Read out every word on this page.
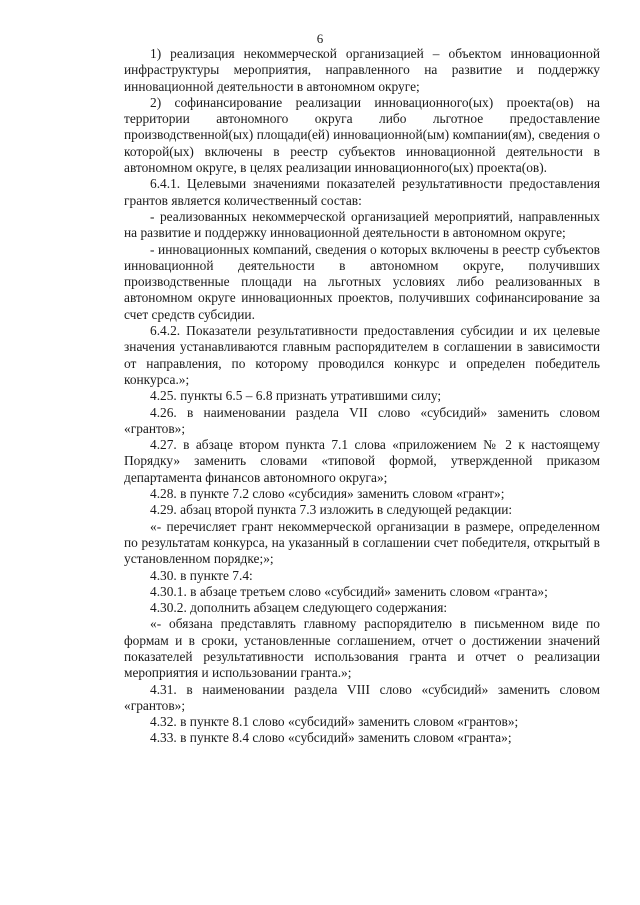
6

1) реализация некоммерческой организацией – объектом инновационной инфраструктуры мероприятия, направленного на развитие и поддержку инновационной деятельности в автономном округе;

2) софинансирование реализации инновационного(ых) проекта(ов) на территории автономного округа либо льготное предоставление производственной(ых) площади(ей) инновационной(ым) компании(ям), сведения о которой(ых) включены в реестр субъектов инновационной деятельности в автономном округе, в целях реализации инновационного(ых) проекта(ов).

6.4.1. Целевыми значениями показателей результативности предоставления грантов является количественный состав:

- реализованных некоммерческой организацией мероприятий, направленных на развитие и поддержку инновационной деятельности в автономном округе;

- инновационных компаний, сведения о которых включены в реестр субъектов инновационной деятельности в автономном округе, получивших производственные площади на льготных условиях либо реализованных в автономном округе инновационных проектов, получивших софинансирование за счет средств субсидии.

6.4.2. Показатели результативности предоставления субсидии и их целевые значения устанавливаются главным распорядителем в соглашении в зависимости от направления, по которому проводился конкурс и определен победитель конкурса.»;

4.25. пункты 6.5 – 6.8 признать утратившими силу;

4.26. в наименовании раздела VII слово «субсидий» заменить словом «грантов»;

4.27. в абзаце втором пункта 7.1 слова «приложением № 2 к настоящему Порядку» заменить словами «типовой формой, утвержденной приказом департамента финансов автономного округа»;

4.28. в пункте 7.2 слово «субсидия» заменить словом «грант»;

4.29. абзац второй пункта 7.3 изложить в следующей редакции:

«- перечисляет грант некоммерческой организации в размере, определенном по результатам конкурса, на указанный в соглашении счет победителя, открытый в установленном порядке;»;

4.30. в пункте 7.4:

4.30.1. в абзаце третьем слово «субсидий» заменить словом «гранта»;

4.30.2. дополнить абзацем следующего содержания:

«- обязана представлять главному распорядителю в письменном виде по формам и в сроки, установленные соглашением, отчет о достижении значений показателей результативности использования гранта и отчет о реализации мероприятия и использовании гранта.»;

4.31. в наименовании раздела VIII слово «субсидий» заменить словом «грантов»;

4.32. в пункте 8.1 слово «субсидий» заменить словом «грантов»;

4.33. в пункте 8.4 слово «субсидий» заменить словом «гранта»;
